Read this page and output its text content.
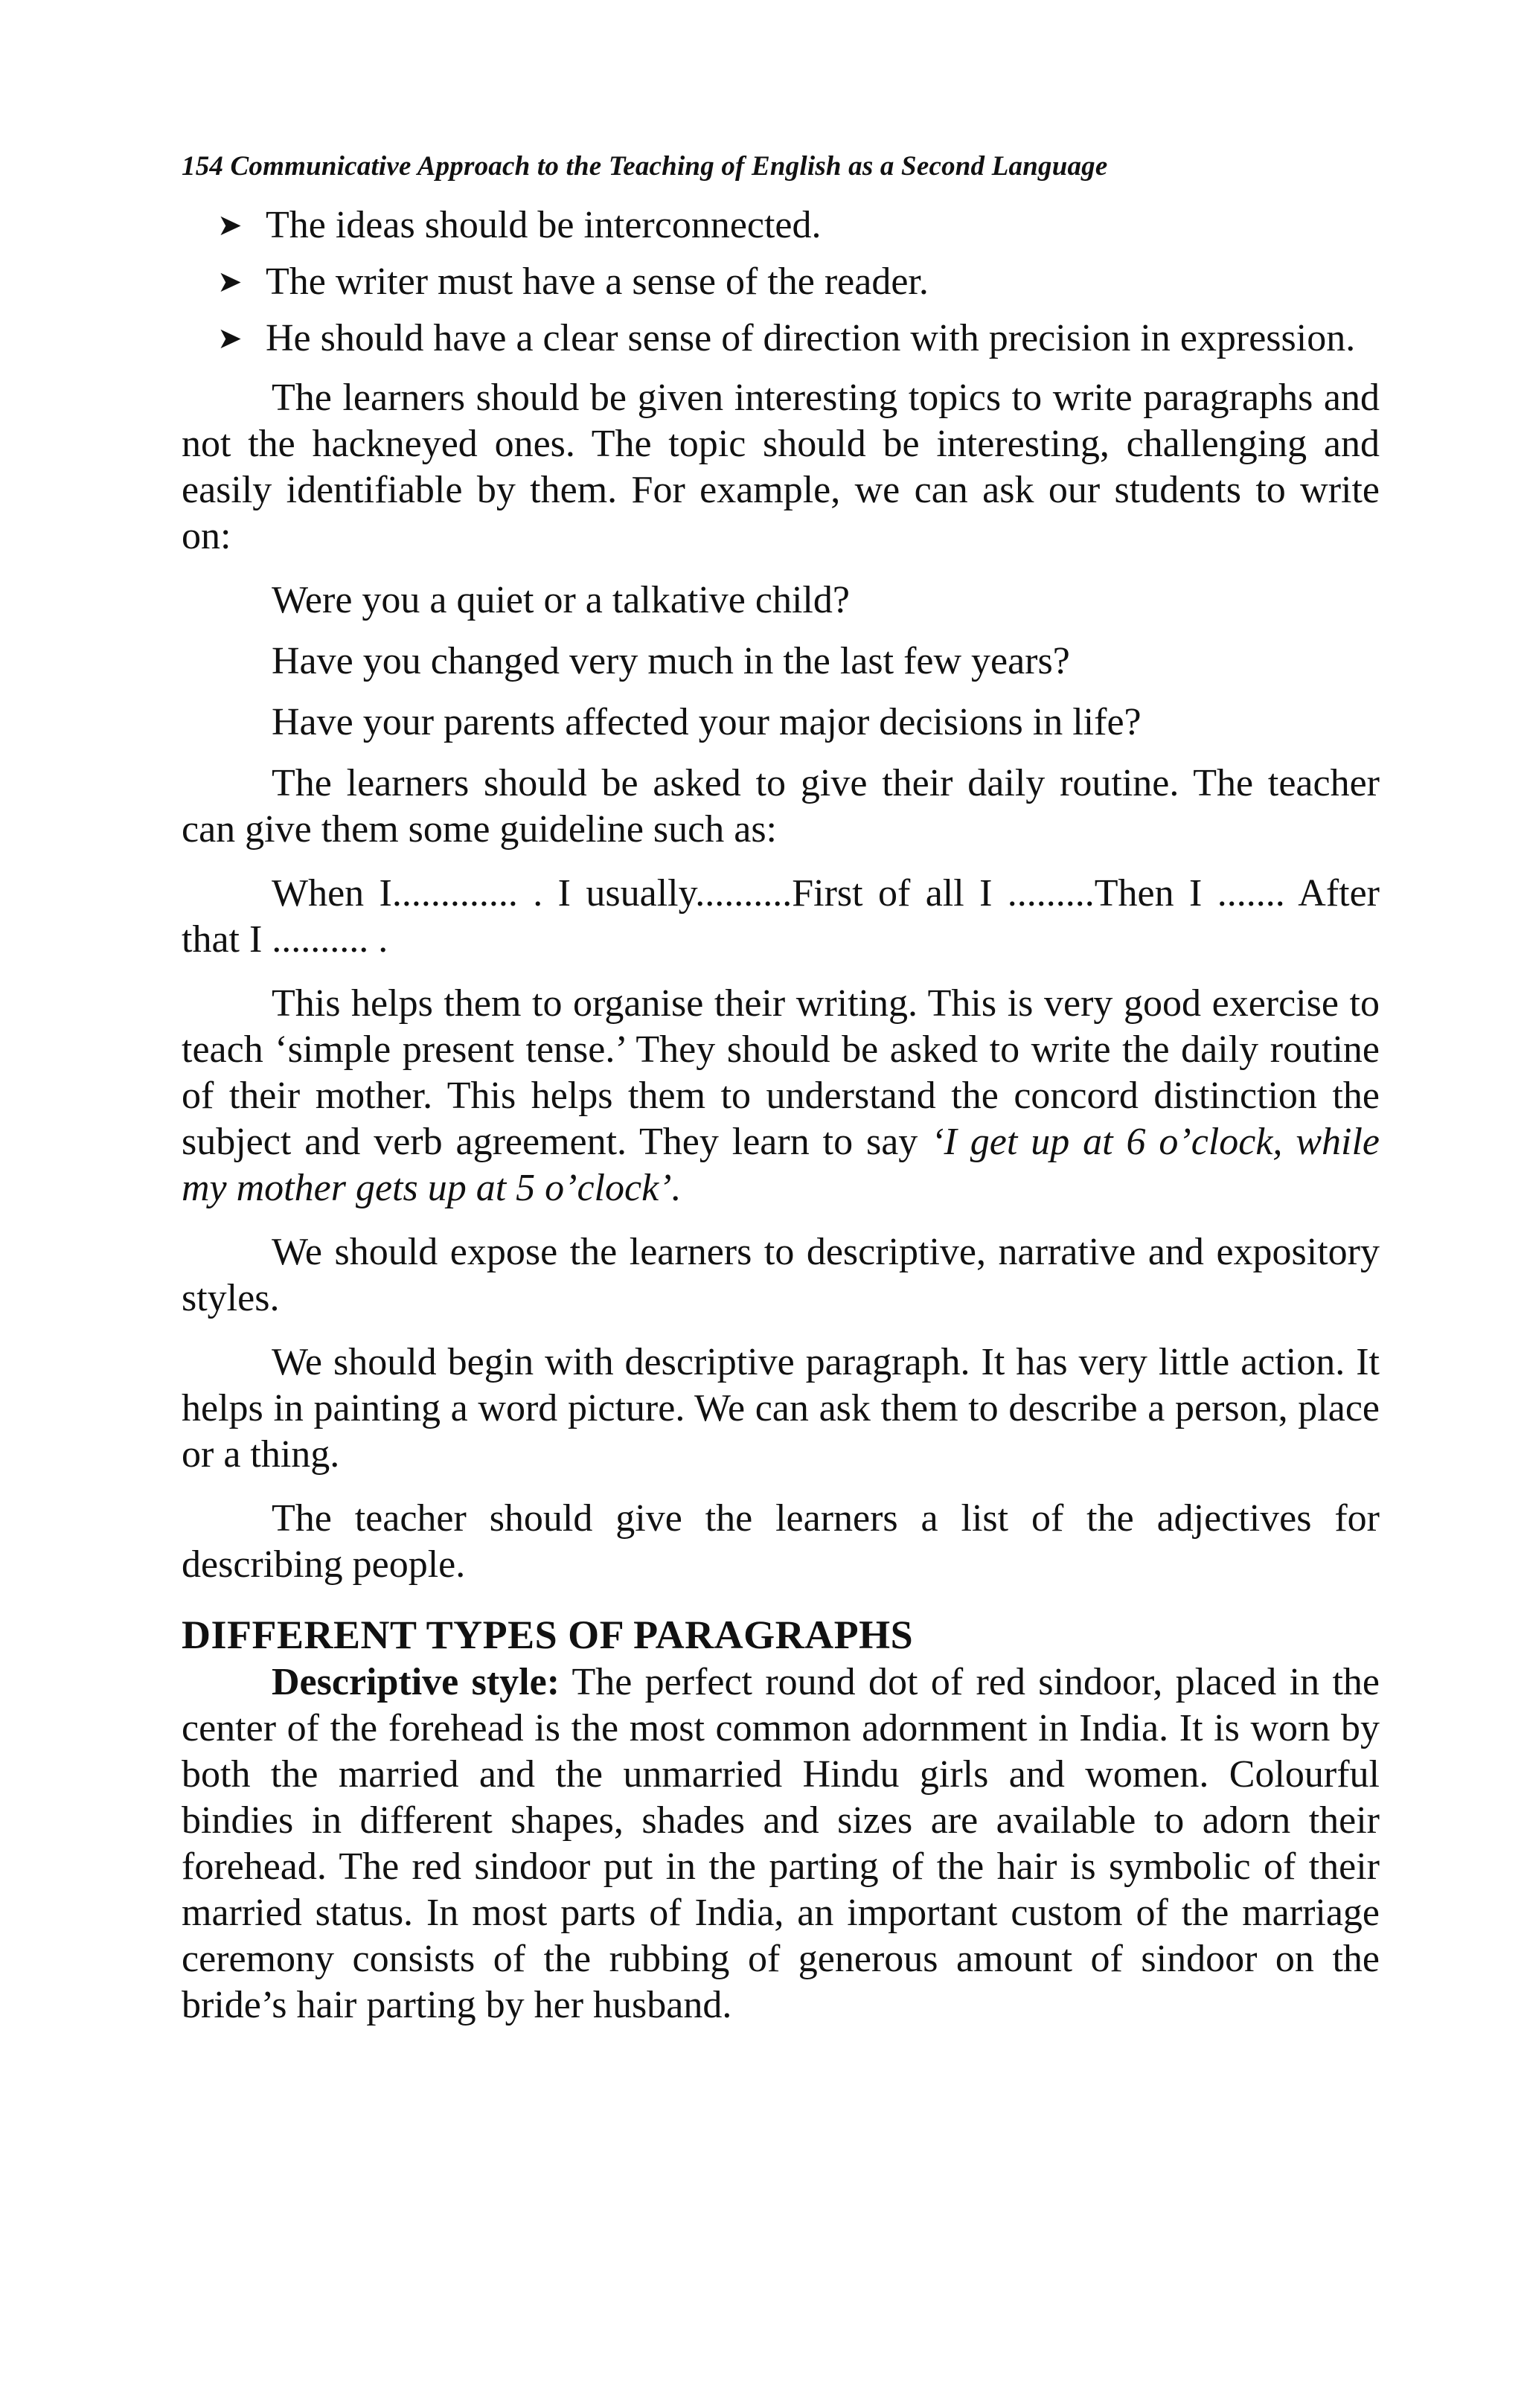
154 Communicative Approach to the Teaching of English as a Second Language
➤ The ideas should be interconnected.
➤ The writer must have a sense of the reader.
➤ He should have a clear sense of direction with precision in expression.

The learners should be given interesting topics to write paragraphs and not the hackneyed ones. The topic should be interesting, challenging and easily identifiable by them. For example, we can ask our students to write on:

Were you a quiet or a talkative child?

Have you changed very much in the last few years?

Have your parents affected your major decisions in life?

The learners should be asked to give their daily routine. The teacher can give them some guideline such as:

When I............. . I usually..........First of all I .........Then I ....... After that I .......... .

This helps them to organise their writing. This is very good exercise to teach ‘simple present tense.’ They should be asked to write the daily routine of their mother. This helps them to understand the concord distinction the subject and verb agreement. They learn to say ‘I get up at 6 o’clock, while my mother gets up at 5 o’clock’.

We should expose the learners to descriptive, narrative and expository styles.

We should begin with descriptive paragraph. It has very little action. It helps in painting a word picture. We can ask them to describe a person, place or a thing.

The teacher should give the learners a list of the adjectives for describing people.

DIFFERENT TYPES OF PARAGRAPHS

Descriptive style: The perfect round dot of red sindoor, placed in the center of the forehead is the most common adornment in India. It is worn by both the married and the unmarried Hindu girls and women. Colourful bindies in different shapes, shades and sizes are available to adorn their forehead. The red sindoor put in the parting of the hair is symbolic of their married status. In most parts of India, an important custom of the marriage ceremony consists of the rubbing of generous amount of sindoor on the bride’s hair parting by her husband.
